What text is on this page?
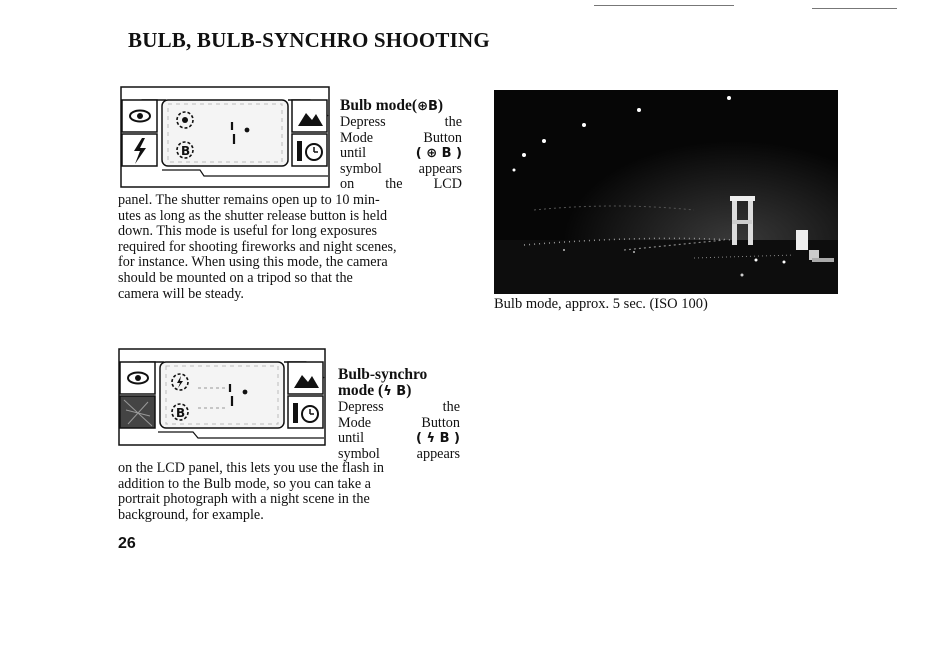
BULB, BULB-SYNCHRO SHOOTING
B
Bulb mode(⊕B)
Depress	the
Mode	Button
until	( ⊕ B )
symbol	appears
on the LCD
panel. The shutter remains open up to 10 min-
utes as long as the shutter release button is held
down. This mode is useful for long exposures
required for shooting fireworks and night scenes,
for instance. When using this mode, the camera
should be mounted on a tripod so that the
camera will be steady.
Bulb mode, approx. 5 sec. (ISO 100)
B
Bulb-synchro
mode (ϟ B)
Depress	the
Mode	Button
until	( ϟ B )
symbol	appears
on the LCD panel, this lets you use the flash in
addition to the Bulb mode, so you can take a
portrait photograph with a night scene in the
background, for example.
26
